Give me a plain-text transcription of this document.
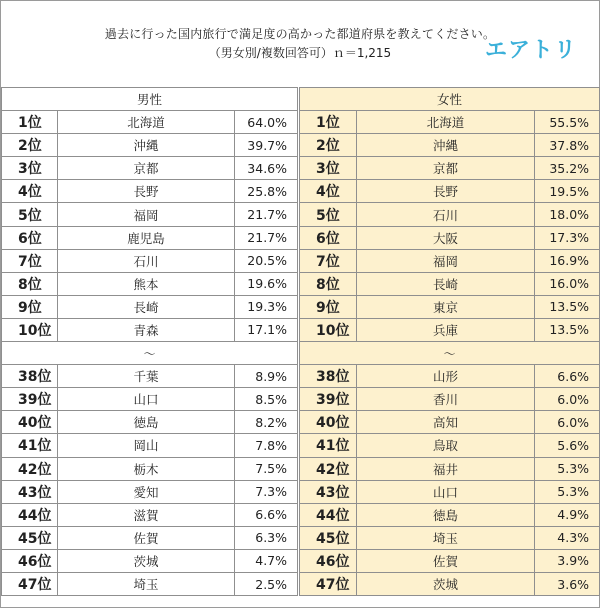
過去に行った国内旅行で満足度の高かった都道府県を教えてください。
（男女別/複数回答可）ｎ＝1,215	エアトリ
男性			女性		
1位	北海道	64.0%	1位	北海道	55.5%
2位	沖縄	39.7%	2位	沖縄	37.8%
3位	京都	34.6%	3位	京都	35.2%
4位	長野	25.8%	4位	長野	19.5%
5位	福岡	21.7%	5位	石川	18.0%
6位	鹿児島	21.7%	6位	大阪	17.3%
7位	石川	20.5%	7位	福岡	16.9%
8位	熊本	19.6%	8位	長崎	16.0%
9位	長崎	19.3%	9位	東京	13.5%
10位	青森	17.1%	10位	兵庫	13.5%
～			～		
38位	千葉	8.9%	38位	山形	6.6%
39位	山口	8.5%	39位	香川	6.0%
40位	徳島	8.2%	40位	高知	6.0%
41位	岡山	7.8%	41位	鳥取	5.6%
42位	栃木	7.5%	42位	福井	5.3%
43位	愛知	7.3%	43位	山口	5.3%
44位	滋賀	6.6%	44位	徳島	4.9%
45位	佐賀	6.3%	45位	埼玉	4.3%
46位	茨城	4.7%	46位	佐賀	3.9%
47位	埼玉	2.5%	47位	茨城	3.6%
